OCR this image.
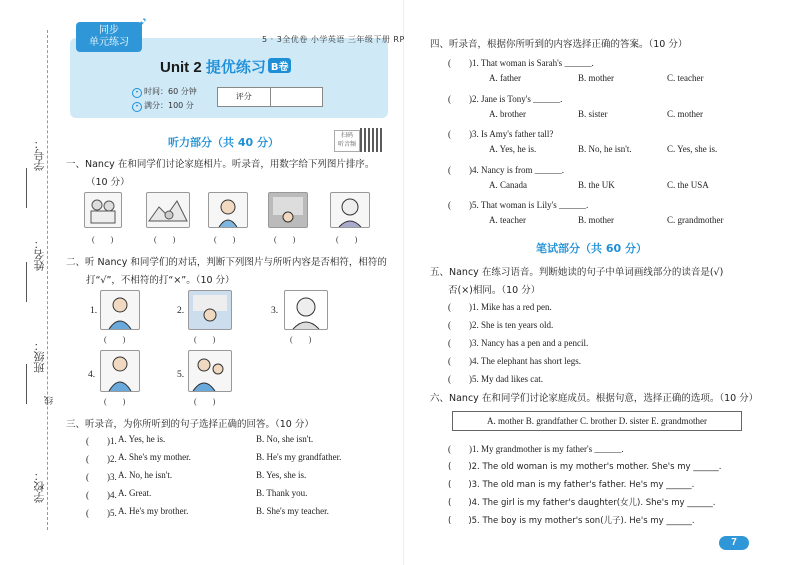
学号：
姓名：
班级：
学校：
线
同步
单元练习	5 · 3全优卷 小学英语 三年级下册 RP
Unit 2 提优练习 B卷
• 时间：60 分钟
• 满分：100 分
评分
听力部分（共 40 分）
扫码
听音频
一、Nancy 在和同学们讨论家庭相片。听录音，用数字给下列图片排序。
（10 分）
(　　)	(　　)	(　　)	(　　)	(　　)
二、听 Nancy 和同学们的对话，判断下列图片与所听内容是否相符，相符的
打“√”，不相符的打“×”。（10 分）
1.
(　　)
2.
(　　)
3.
(　　)
4.
(　　)
5.
(　　)
三、听录音，为你所听到的句子选择正确的回答。（10 分）
(　　)1. A. Yes, he is.	B. No, she isn't.
(　　)2. A. She's my mother.	B. He's my grandfather.
(　　)3. A. No, he isn't.	B. Yes, she is.
(　　)4. A. Great.	B. Thank you.
(　　)5. A. He's my brother.	B. She's my teacher.
四、听录音，根据你所听到的内容选择正确的答案。（10 分）
(　　)1. That woman is Sarah's ______.
A. father	B. mother	C. teacher
(　　)2. Jane is Tony's ______.
A. brother	B. sister	C. mother
(　　)3. Is Amy's father tall?
A. Yes, he is.	B. No, he isn't.	C. Yes, she is.
(　　)4. Nancy is from ______.
A. Canada	B. the UK	C. the USA
(　　)5. That woman is Lily's ______.
A. teacher	B. mother	C. grandmother
笔试部分（共 60 分）
五、Nancy 在练习语音。判断她读的句子中单词画线部分的读音是(√)
否(×)相同。（10 分）
(　　)1. Mike has a red pen.
(　　)2. She is ten years old.
(　　)3. Nancy has a pen and a pencil.
(　　)4. The elephant has short legs.
(　　)5. My dad likes cat.
六、Nancy 在和同学们讨论家庭成员。根据句意，选择正确的选项。（10 分）
A. mother B. grandfather C. brother D. sister E. grandmother
(　　)1. My grandmother is my father's ______.
(　　)2. The old woman is my mother's mother. She's my ______.
(　　)3. The old man is my father's father. He's my ______.
(　　)4. The girl is my father's daughter(女儿). She's my ______.
(　　)5. The boy is my mother's son(儿子). He's my ______.
7
